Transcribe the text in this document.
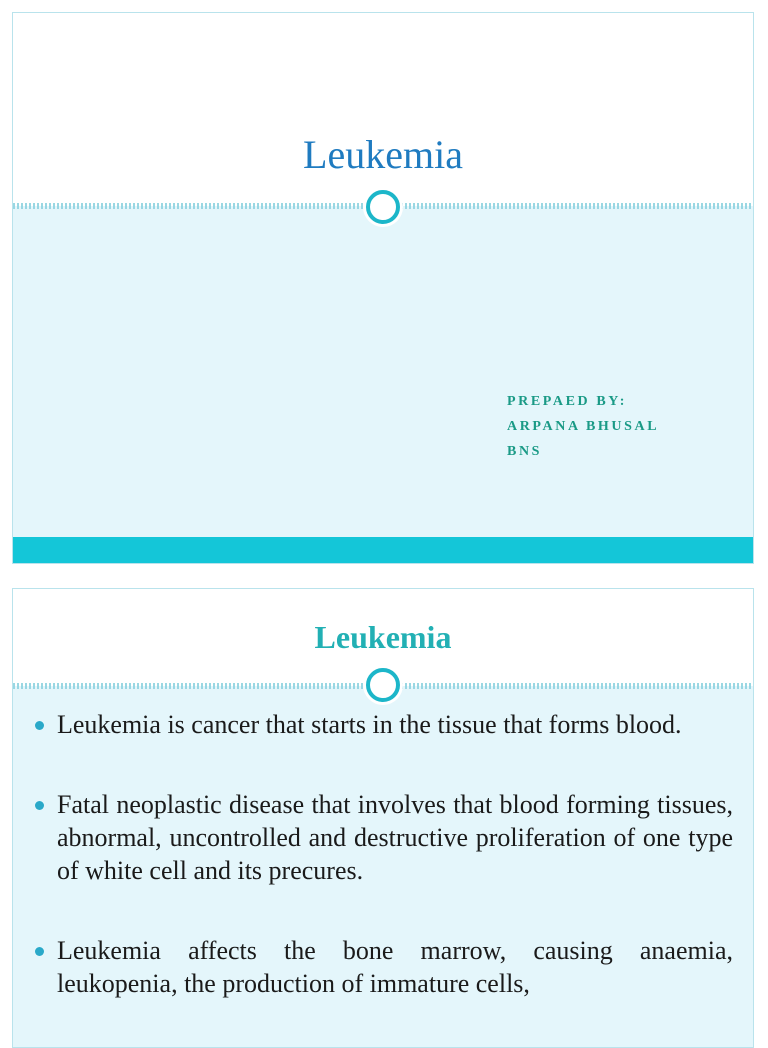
Leukemia
PREPAED BY:
ARPANA BHUSAL
BNS
Leukemia
Leukemia is cancer that starts in the tissue that forms blood.
Fatal neoplastic disease that involves that blood forming tissues, abnormal, uncontrolled and destructive proliferation of one type of white cell and its precures.
Leukemia affects the bone marrow, causing anaemia, leukopenia, the production of immature cells,
